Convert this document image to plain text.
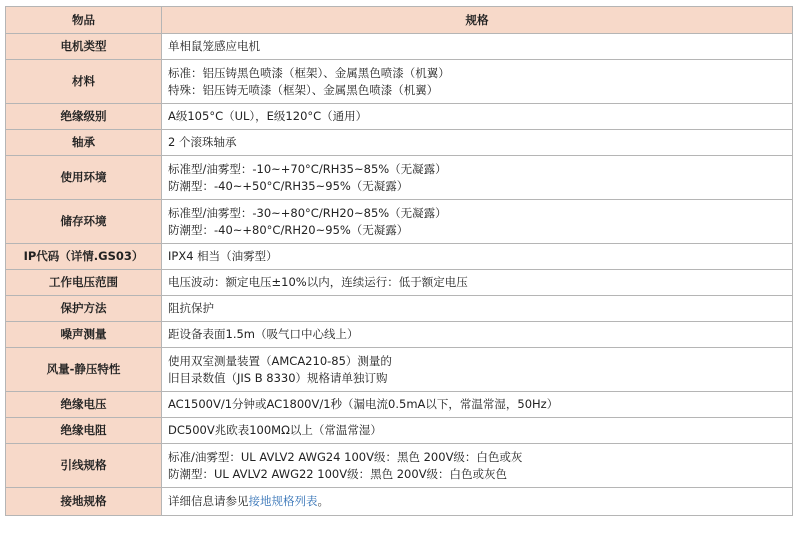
物品	规格
电机类型	单相鼠笼感应电机

材料	标准：铝压铸黑色喷漆（框架）、金属黑色喷漆（机翼）
特殊：铝压铸无喷漆（框架）、金属黑色喷漆（机翼）

绝缘级别	A级105°C（UL），E级120°C（通用）

轴承	2 个滚珠轴承

使用环境	标准型/油雾型：-10~+70°C/RH35~85%（无凝露）
防潮型：-40~+50°C/RH35~95%（无凝露）

储存环境	标准型/油雾型：-30~+80°C/RH20~85%（无凝露）
防潮型：-40~+80°C/RH20~95%（无凝露）

IP代码（详情.GS03）	IPX4 相当（油雾型）

工作电压范围	电压波动：额定电压±10%以内，连续运行：低于额定电压

保护方法	阻抗保护

噪声测量	距设备表面1.5m（吸气口中心线上）

风量-静压特性	使用双室测量装置（AMCA210-85）测量的
旧目录数值（JIS B 8330）规格请单独订购

绝缘电压	AC1500V/1分钟或AC1800V/1秒（漏电流0.5mA以下，常温常湿，50Hz）

绝缘电阻	DC500V兆欧表100MΩ以上（常温常湿）

引线规格	标准/油雾型：UL AVLV2 AWG24 100V级：黑色 200V级：白色或灰
防潮型：UL AVLV2 AWG22 100V级：黑色 200V级：白色或灰色

接地规格	详细信息请参见接地规格列表。
